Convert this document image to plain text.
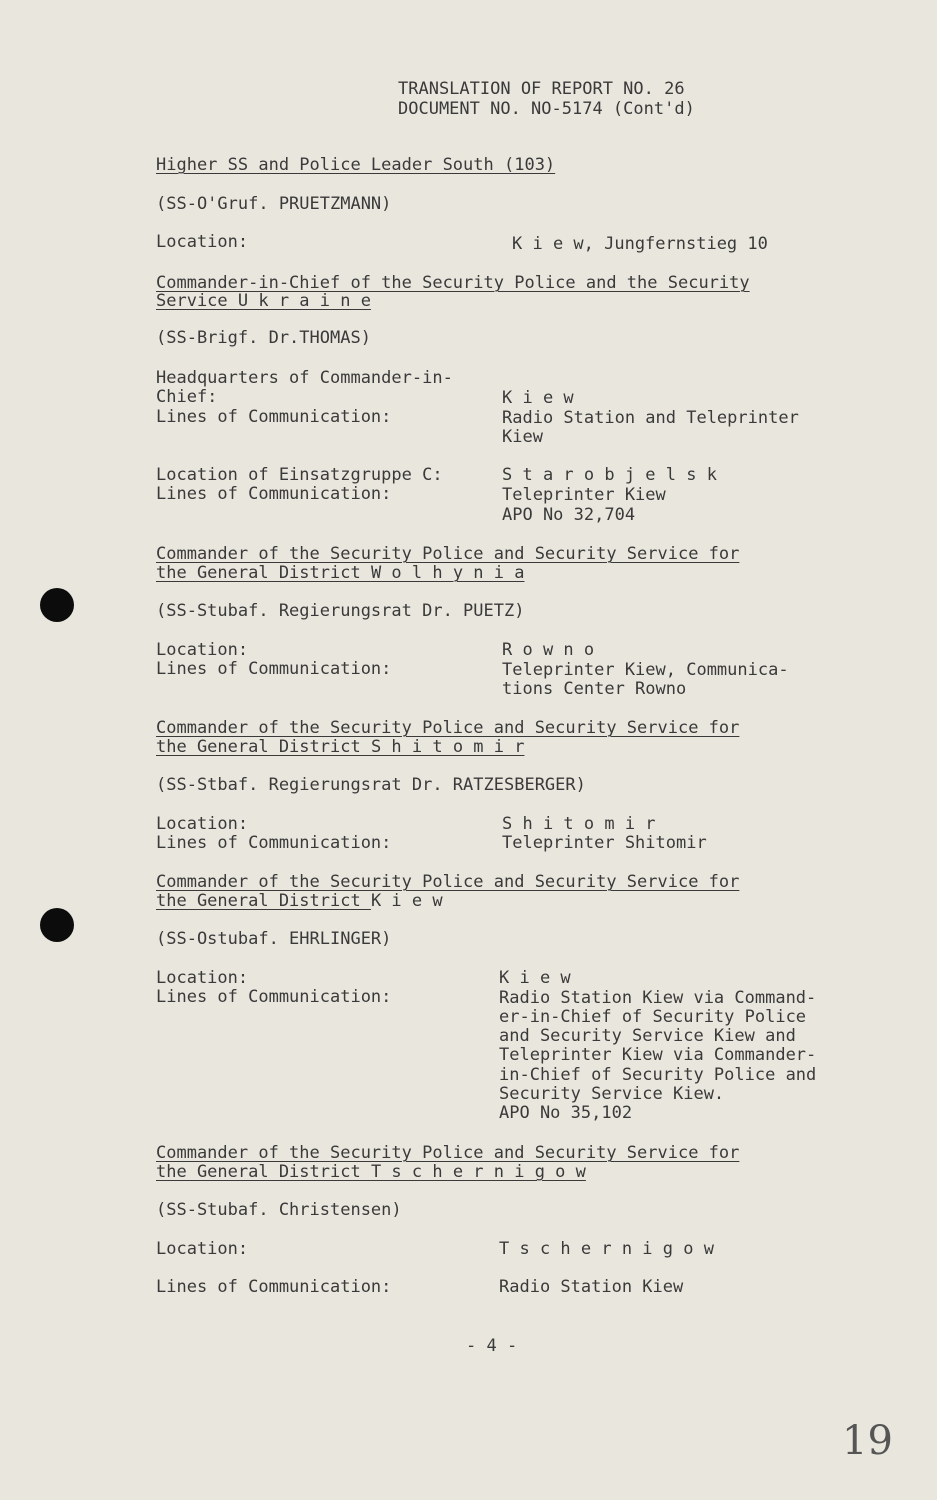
TRANSLATION OF REPORT NO. 26
DOCUMENT NO. NO-5174 (Cont'd)
Higher SS and Police Leader South (103)
(SS-O'Gruf. PRUETZMANN)
Location:	K i e w, Jungfernstieg 10
Commander-in-Chief of the Security Police and the Security
Service U k r a i n e
(SS-Brigf. Dr.THOMAS)
Headquarters of Commander-in-
Chief:	K i e w
Lines of Communication:	Radio Station and Teleprinter
Kiew
Location of Einsatzgruppe C:	S t a r o b j e l s k
Lines of Communication:	Teleprinter Kiew
APO No 32,704
Commander of the Security Police and Security Service for
the General District W o l h y n i a
(SS-Stubaf. Regierungsrat Dr. PUETZ)
Location:	R o w n o
Lines of Communication:	Teleprinter Kiew, Communica-
tions Center Rowno
Commander of the Security Police and Security Service for
the General District S h i t o m i r
(SS-Stbaf. Regierungsrat Dr. RATZESBERGER)
Location:	S h i t o m i r
Lines of Communication:	Teleprinter Shitomir
Commander of the Security Police and Security Service for
the General District K i e w
(SS-Ostubaf. EHRLINGER)
Location:	K i e w
Lines of Communication:	Radio Station Kiew via Command-
er-in-Chief of Security Police
and Security Service Kiew and
Teleprinter Kiew via Commander-
in-Chief of Security Police and
Security Service Kiew.
APO No 35,102
Commander of the Security Police and Security Service for
the General District T s c h e r n i g o w
(SS-Stubaf. Christensen)
Location:	T s c h e r n i g o w
Lines of Communication:	Radio Station Kiew
- 4 -
19
